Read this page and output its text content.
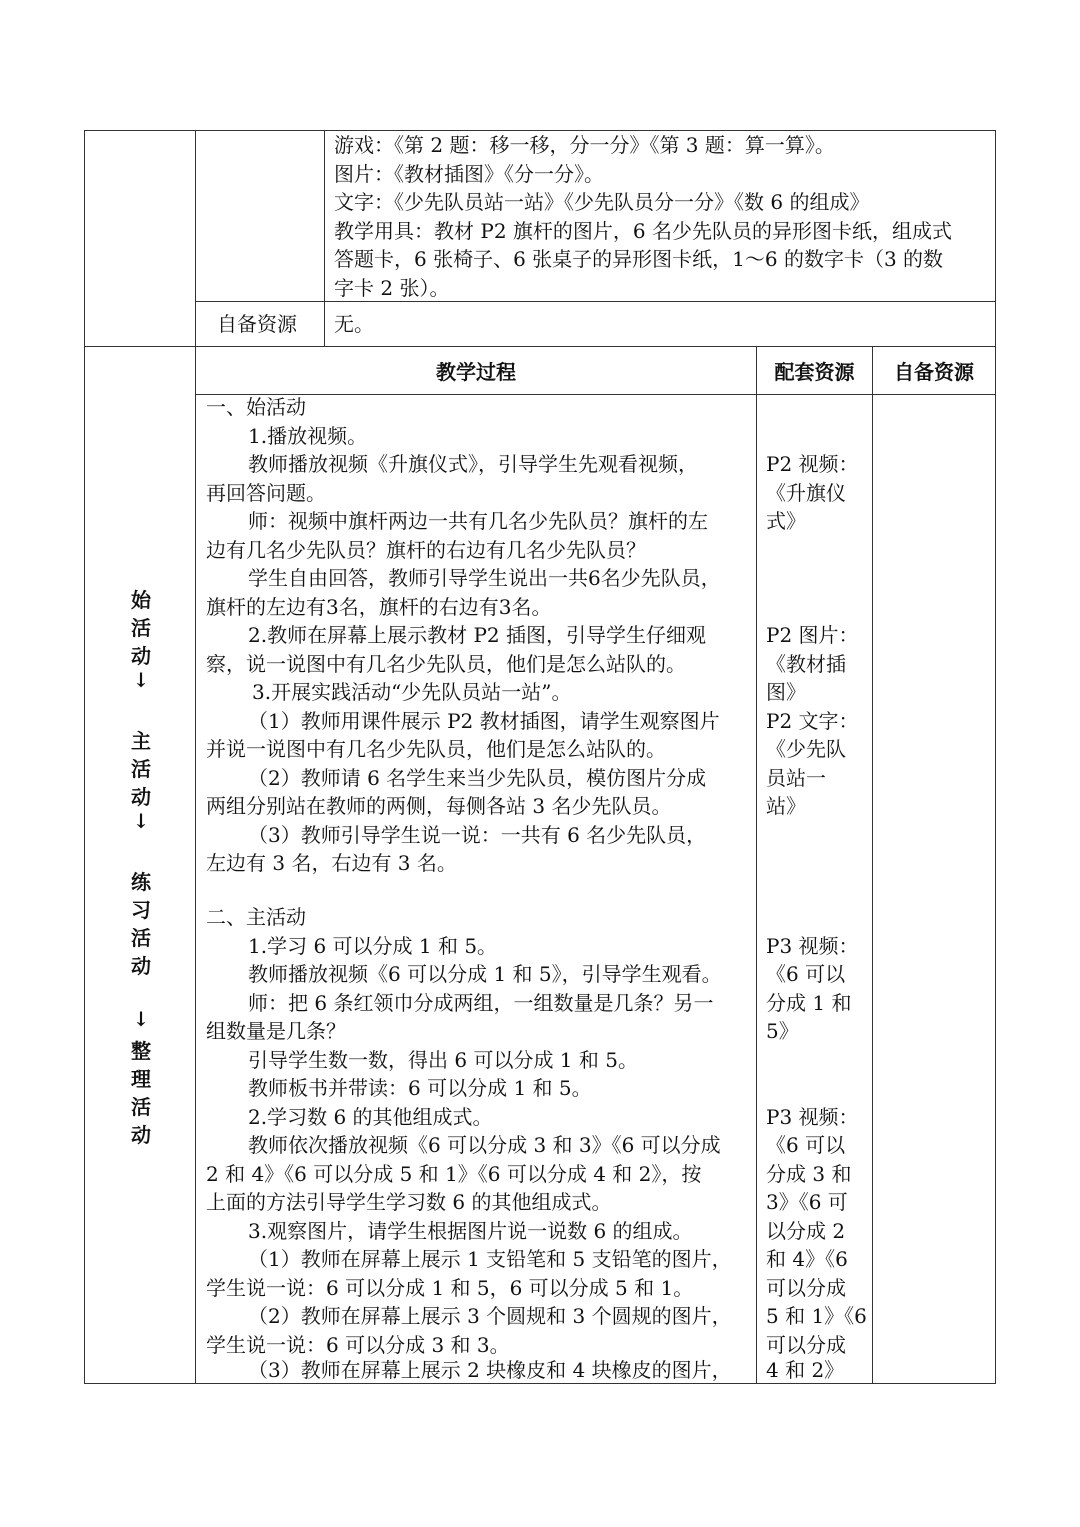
游戏：《第 2 题：移一移，分一分》《第 3 题：算一算》。
图片：《教材插图》《分一分》。
文字：《少先队员站一站》《少先队员分一分》《数 6 的组成》
教学用具：教材 P2 旗杆的图片，6 名少先队员的异形图卡纸，组成式
答题卡，6 张椅子、6 张桌子的异形图卡纸，1～6 的数字卡（3 的数
字卡 2 张）。
自备资源 无。
教学过程	配套资源	自备资源
始
活
动
↓
主
活
动
↓
练
习
活
动
↓
整
理
活
动
一、始活动
1.播放视频。
教师播放视频《升旗仪式》，引导学生先观看视频，
再回答问题。
师：视频中旗杆两边一共有几名少先队员？旗杆的左
边有几名少先队员？旗杆的右边有几名少先队员？
学生自由回答，教师引导学生说出一共6名少先队员，
旗杆的左边有3名，旗杆的右边有3名。
2.教师在屏幕上展示教材 P2 插图，引导学生仔细观
察，说一说图中有几名少先队员，他们是怎么站队的。
3.开展实践活动“少先队员站一站”。
（1）教师用课件展示 P2 教材插图，请学生观察图片
并说一说图中有几名少先队员，他们是怎么站队的。
（2）教师请 6 名学生来当少先队员，模仿图片分成
两组分别站在教师的两侧，每侧各站 3 名少先队员。
（3）教师引导学生说一说：一共有 6 名少先队员，
左边有 3 名，右边有 3 名。
二、主活动
1.学习 6 可以分成 1 和 5。
教师播放视频《6 可以分成 1 和 5》，引导学生观看。
师：把 6 条红领巾分成两组，一组数量是几条？另一
组数量是几条？
引导学生数一数，得出 6 可以分成 1 和 5。
教师板书并带读：6 可以分成 1 和 5。
2.学习数 6 的其他组成式。
教师依次播放视频《6 可以分成 3 和 3》《6 可以分成
2 和 4》《6 可以分成 5 和 1》《6 可以分成 4 和 2》，按
上面的方法引导学生学习数 6 的其他组成式。
3.观察图片，请学生根据图片说一说数 6 的组成。
（1）教师在屏幕上展示 1 支铅笔和 5 支铅笔的图片，
学生说一说：6 可以分成 1 和 5，6 可以分成 5 和 1。
（2）教师在屏幕上展示 3 个圆规和 3 个圆规的图片，
学生说一说：6 可以分成 3 和 3。
（3）教师在屏幕上展示 2 块橡皮和 4 块橡皮的图片，
P2 视频：
《升旗仪
式》
P2 图片：
《教材插
图》
P2 文字：
《少先队
员站一
站》
P3 视频：
《6 可以
分成 1 和
5》
P3 视频：
《6 可以
分成 3 和
3》《6 可
以分成 2
和 4》《6
可以分成
5 和 1》《6
可以分成
4 和 2》
